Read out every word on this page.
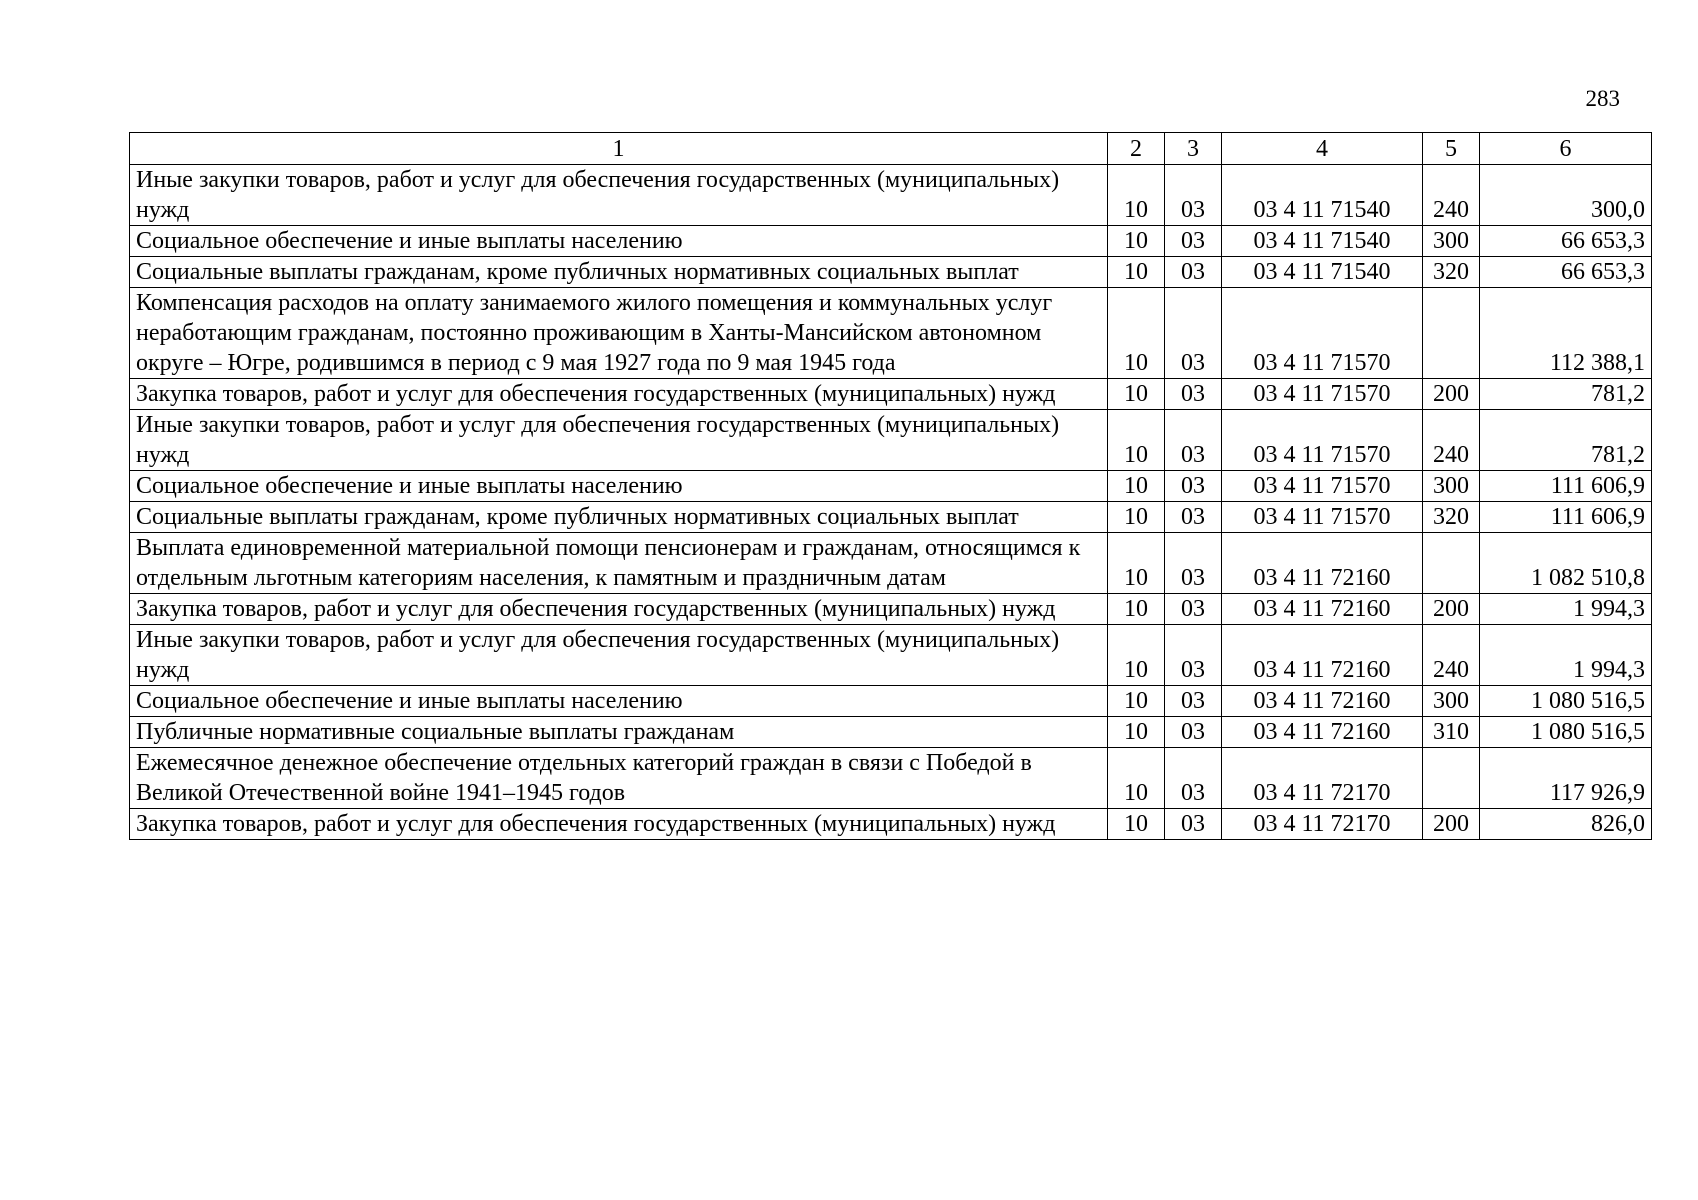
283
1	2	3	4	5	6
Иные закупки товаров, работ и услуг для обеспечения государственных (муниципальных) нужд	10	03	03 4 11 71540	240	300,0
Социальное обеспечение и иные выплаты населению	10	03	03 4 11 71540	300	66 653,3
Социальные выплаты гражданам, кроме публичных нормативных социальных выплат	10	03	03 4 11 71540	320	66 653,3
Компенсация расходов на оплату занимаемого жилого помещения и коммунальных услуг неработающим гражданам, постоянно проживающим в Ханты-Мансийском автономном округе – Югре, родившимся в период с 9 мая 1927 года по 9 мая 1945 года	10	03	03 4 11 71570		112 388,1
Закупка товаров, работ и услуг для обеспечения государственных (муниципальных) нужд	10	03	03 4 11 71570	200	781,2
Иные закупки товаров, работ и услуг для обеспечения государственных (муниципальных) нужд	10	03	03 4 11 71570	240	781,2
Социальное обеспечение и иные выплаты населению	10	03	03 4 11 71570	300	111 606,9
Социальные выплаты гражданам, кроме публичных нормативных социальных выплат	10	03	03 4 11 71570	320	111 606,9
Выплата единовременной материальной помощи пенсионерам и гражданам, относящимся к отдельным льготным категориям населения, к памятным и праздничным датам	10	03	03 4 11 72160		1 082 510,8
Закупка товаров, работ и услуг для обеспечения государственных (муниципальных) нужд	10	03	03 4 11 72160	200	1 994,3
Иные закупки товаров, работ и услуг для обеспечения государственных (муниципальных) нужд	10	03	03 4 11 72160	240	1 994,3
Социальное обеспечение и иные выплаты населению	10	03	03 4 11 72160	300	1 080 516,5
Публичные нормативные социальные выплаты гражданам	10	03	03 4 11 72160	310	1 080 516,5
Ежемесячное денежное обеспечение отдельных категорий граждан в связи с Победой в Великой Отечественной войне 1941–1945 годов	10	03	03 4 11 72170		117 926,9
Закупка товаров, работ и услуг для обеспечения государственных (муниципальных) нужд	10	03	03 4 11 72170	200	826,0
